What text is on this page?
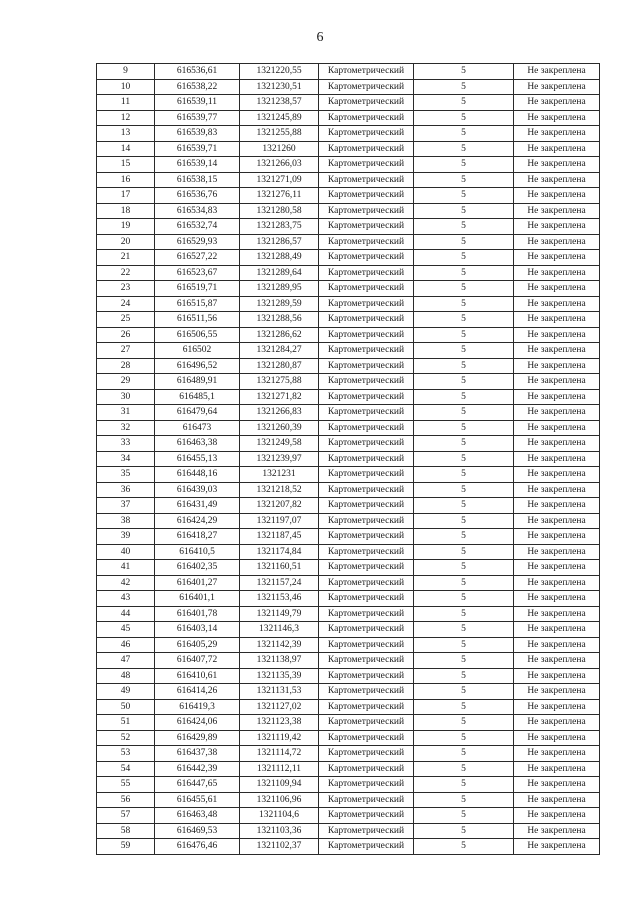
6
9	616536,61	1321220,55	Картометрический	5	Не закреплена
10	616538,22	1321230,51	Картометрический	5	Не закреплена
11	616539,11	1321238,57	Картометрический	5	Не закреплена
12	616539,77	1321245,89	Картометрический	5	Не закреплена
13	616539,83	1321255,88	Картометрический	5	Не закреплена
14	616539,71	1321260	Картометрический	5	Не закреплена
15	616539,14	1321266,03	Картометрический	5	Не закреплена
16	616538,15	1321271,09	Картометрический	5	Не закреплена
17	616536,76	1321276,11	Картометрический	5	Не закреплена
18	616534,83	1321280,58	Картометрический	5	Не закреплена
19	616532,74	1321283,75	Картометрический	5	Не закреплена
20	616529,93	1321286,57	Картометрический	5	Не закреплена
21	616527,22	1321288,49	Картометрический	5	Не закреплена
22	616523,67	1321289,64	Картометрический	5	Не закреплена
23	616519,71	1321289,95	Картометрический	5	Не закреплена
24	616515,87	1321289,59	Картометрический	5	Не закреплена
25	616511,56	1321288,56	Картометрический	5	Не закреплена
26	616506,55	1321286,62	Картометрический	5	Не закреплена
27	616502	1321284,27	Картометрический	5	Не закреплена
28	616496,52	1321280,87	Картометрический	5	Не закреплена
29	616489,91	1321275,88	Картометрический	5	Не закреплена
30	616485,1	1321271,82	Картометрический	5	Не закреплена
31	616479,64	1321266,83	Картометрический	5	Не закреплена
32	616473	1321260,39	Картометрический	5	Не закреплена
33	616463,38	1321249,58	Картометрический	5	Не закреплена
34	616455,13	1321239,97	Картометрический	5	Не закреплена
35	616448,16	1321231	Картометрический	5	Не закреплена
36	616439,03	1321218,52	Картометрический	5	Не закреплена
37	616431,49	1321207,82	Картометрический	5	Не закреплена
38	616424,29	1321197,07	Картометрический	5	Не закреплена
39	616418,27	1321187,45	Картометрический	5	Не закреплена
40	616410,5	1321174,84	Картометрический	5	Не закреплена
41	616402,35	1321160,51	Картометрический	5	Не закреплена
42	616401,27	1321157,24	Картометрический	5	Не закреплена
43	616401,1	1321153,46	Картометрический	5	Не закреплена
44	616401,78	1321149,79	Картометрический	5	Не закреплена
45	616403,14	1321146,3	Картометрический	5	Не закреплена
46	616405,29	1321142,39	Картометрический	5	Не закреплена
47	616407,72	1321138,97	Картометрический	5	Не закреплена
48	616410,61	1321135,39	Картометрический	5	Не закреплена
49	616414,26	1321131,53	Картометрический	5	Не закреплена
50	616419,3	1321127,02	Картометрический	5	Не закреплена
51	616424,06	1321123,38	Картометрический	5	Не закреплена
52	616429,89	1321119,42	Картометрический	5	Не закреплена
53	616437,38	1321114,72	Картометрический	5	Не закреплена
54	616442,39	1321112,11	Картометрический	5	Не закреплена
55	616447,65	1321109,94	Картометрический	5	Не закреплена
56	616455,61	1321106,96	Картометрический	5	Не закреплена
57	616463,48	1321104,6	Картометрический	5	Не закреплена
58	616469,53	1321103,36	Картометрический	5	Не закреплена
59	616476,46	1321102,37	Картометрический	5	Не закреплена
